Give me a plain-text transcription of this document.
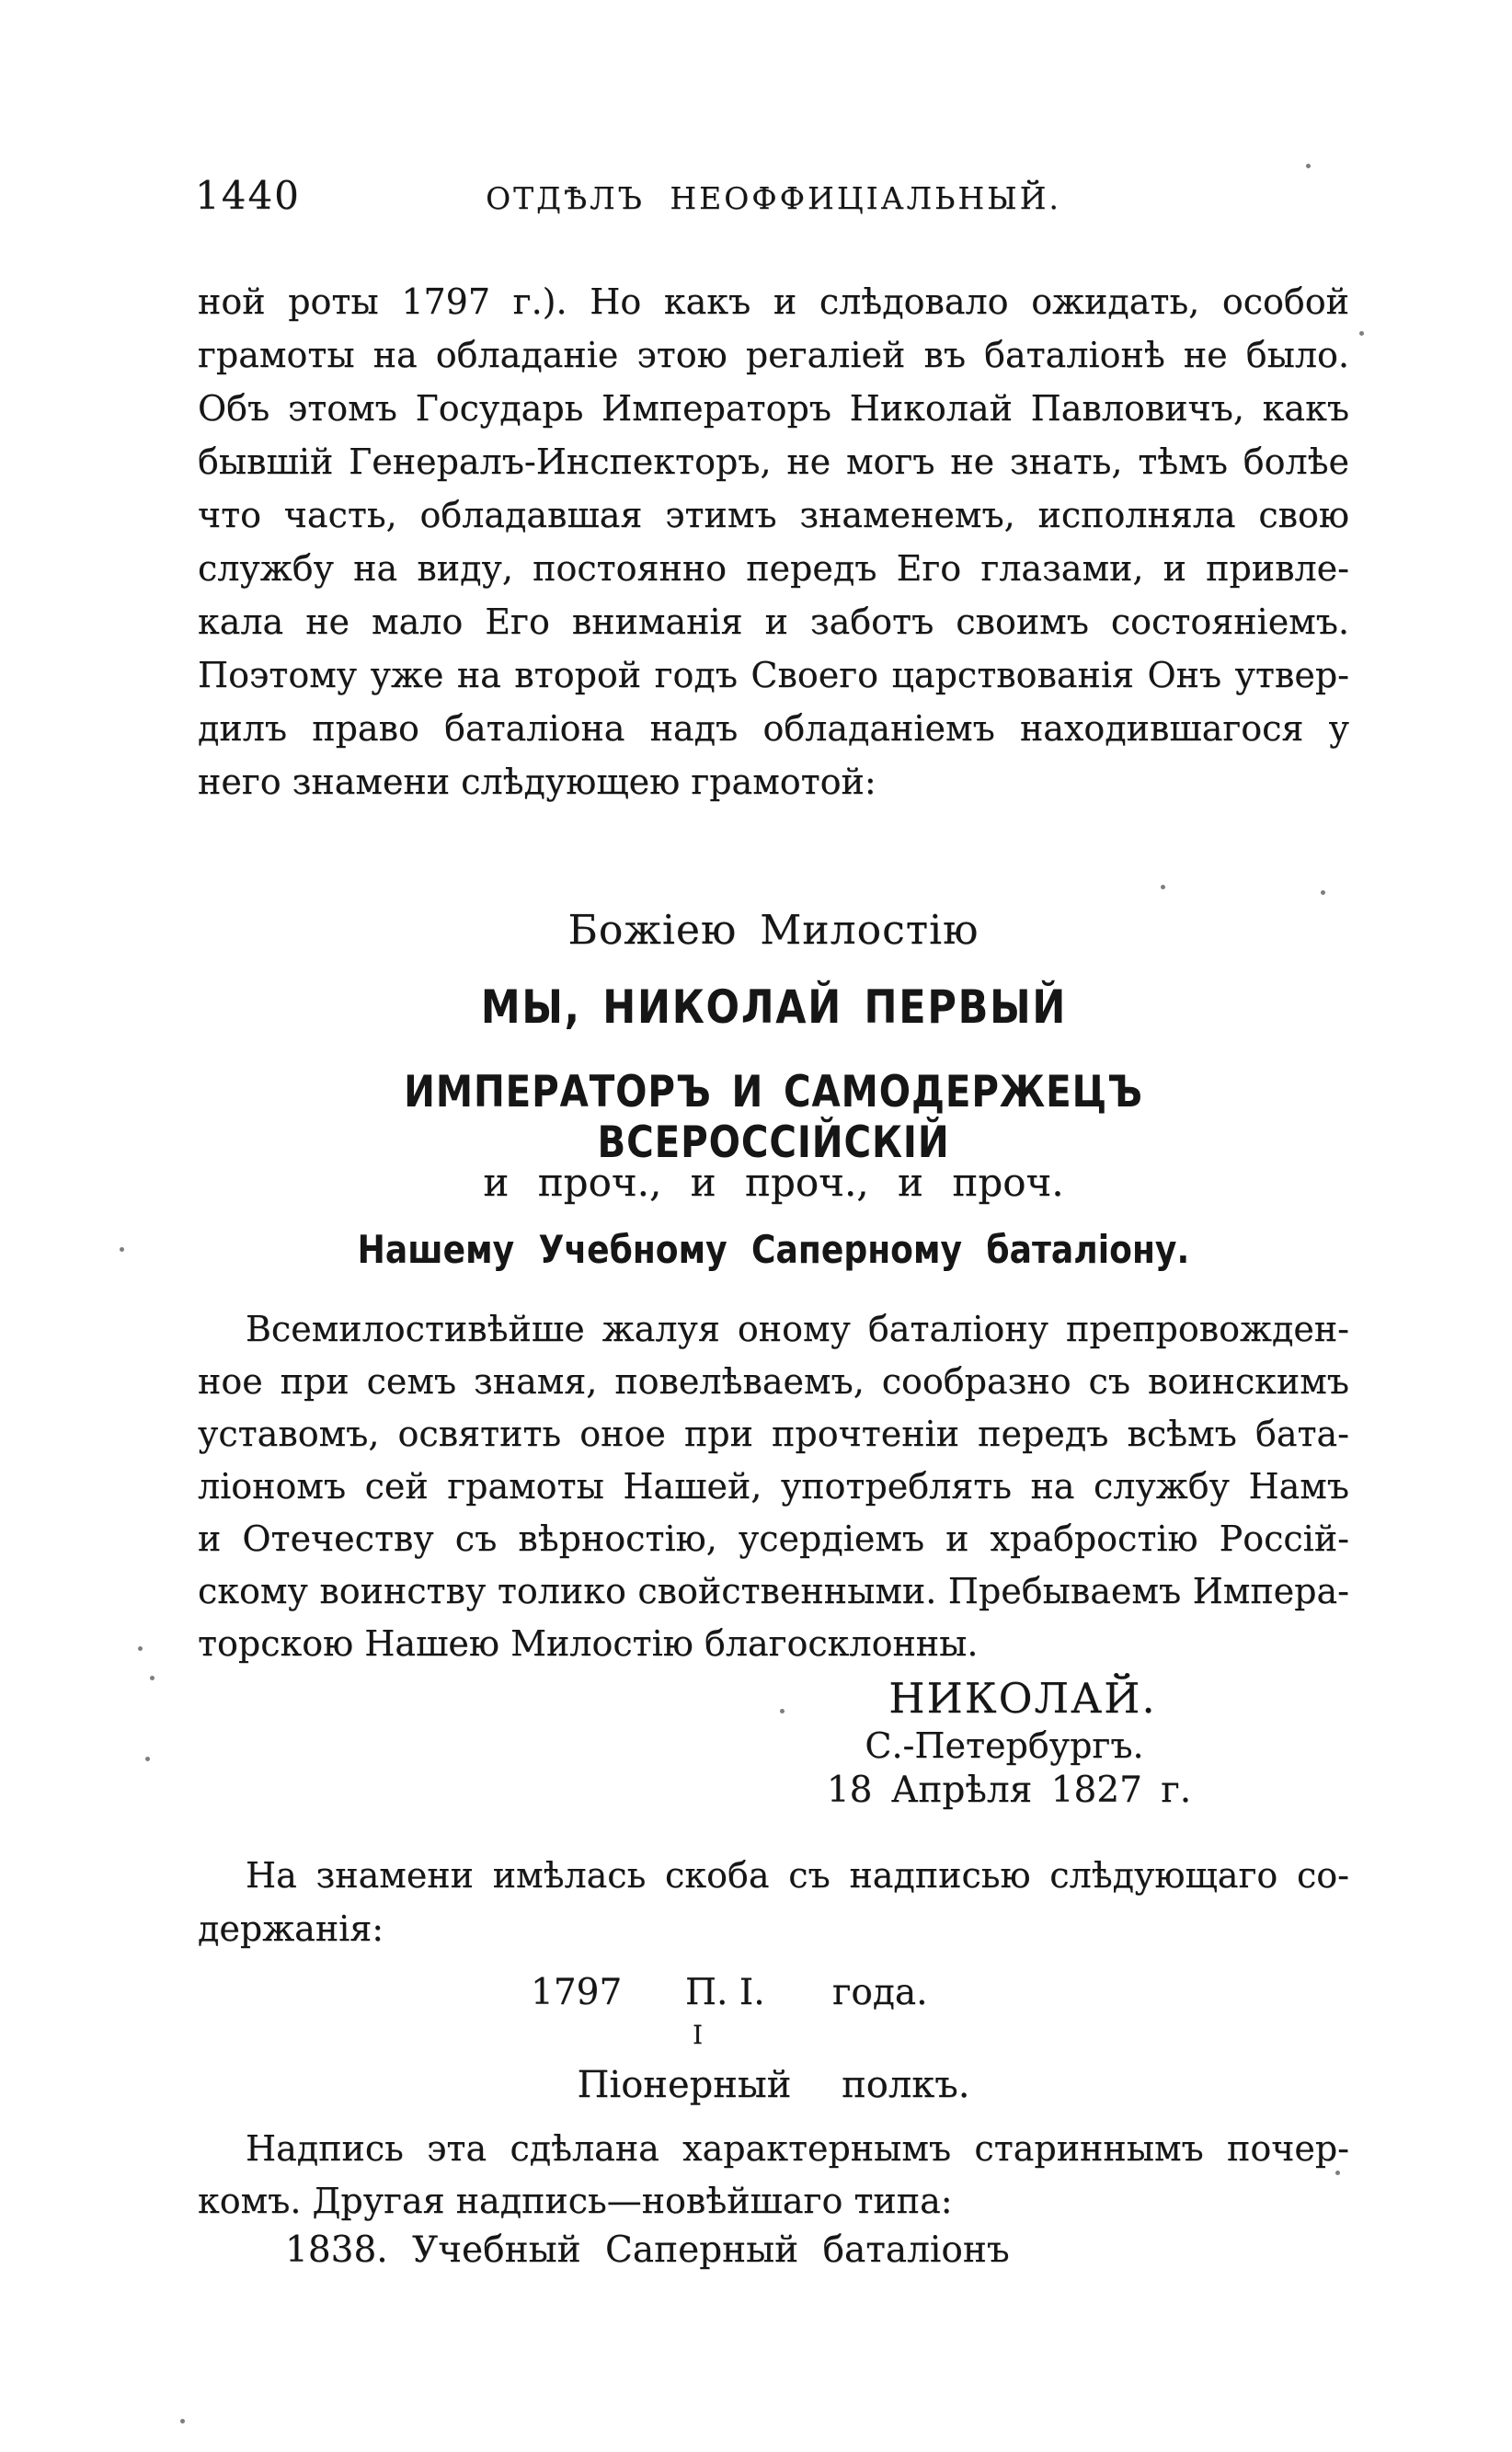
1440	ОТДѢЛЪ НЕОФФИЦІАЛЬНЫЙ.
ной роты 1797 г.). Но какъ и слѣдовало ожидать, особой
грамоты на обладаніе этою регаліей въ баталіонѣ не было.
Объ этомъ Государь Императоръ Николай Павловичъ, какъ
бывшій Генералъ-Инспекторъ, не могъ не знать, тѣмъ болѣе
что часть, обладавшая этимъ знаменемъ, исполняла свою
службу на виду, постоянно передъ Его глазами, и привле-
кала не мало Его вниманія и заботъ своимъ состояніемъ.
Поэтому уже на второй годъ Своего царствованія Онъ утвер-
дилъ право баталіона надъ обладаніемъ находившагося у
него знамени слѣдующею грамотой:
Божіею Милостію
МЫ, НИКОЛАЙ ПЕРВЫЙ
ИМПЕРАТОРЪ И САМОДЕРЖЕЦЪ ВСЕРОССІЙСКІЙ
и проч., и проч., и проч.
Нашему Учебному Саперному баталіону.
Всемилостивѣйше жалуя оному баталіону препровожден-
ное при семъ знамя, повелѣваемъ, сообразно съ воинскимъ
уставомъ, освятить оное при прочтеніи передъ всѣмъ бата-
ліономъ сей грамоты Нашей, употреблять на службу Намъ
и Отечеству съ вѣрностію, усердіемъ и храбростію Россій-
скому воинству толико свойственными. Пребываемъ Импера-
торскою Нашею Милостію благосклонны.
НИКОЛАЙ.
С.-Петербургъ.
18 Апрѣля 1827 г.
На знамени имѣлась скоба съ надписью слѣдующаго со-
держанія:
1797 П. I.
I
года.
Піонерный полкъ.
Надпись эта сдѣлана характернымъ стариннымъ почер-
комъ. Другая надпись—новѣйшаго типа:
1838. Учебный Саперный баталіонъ
